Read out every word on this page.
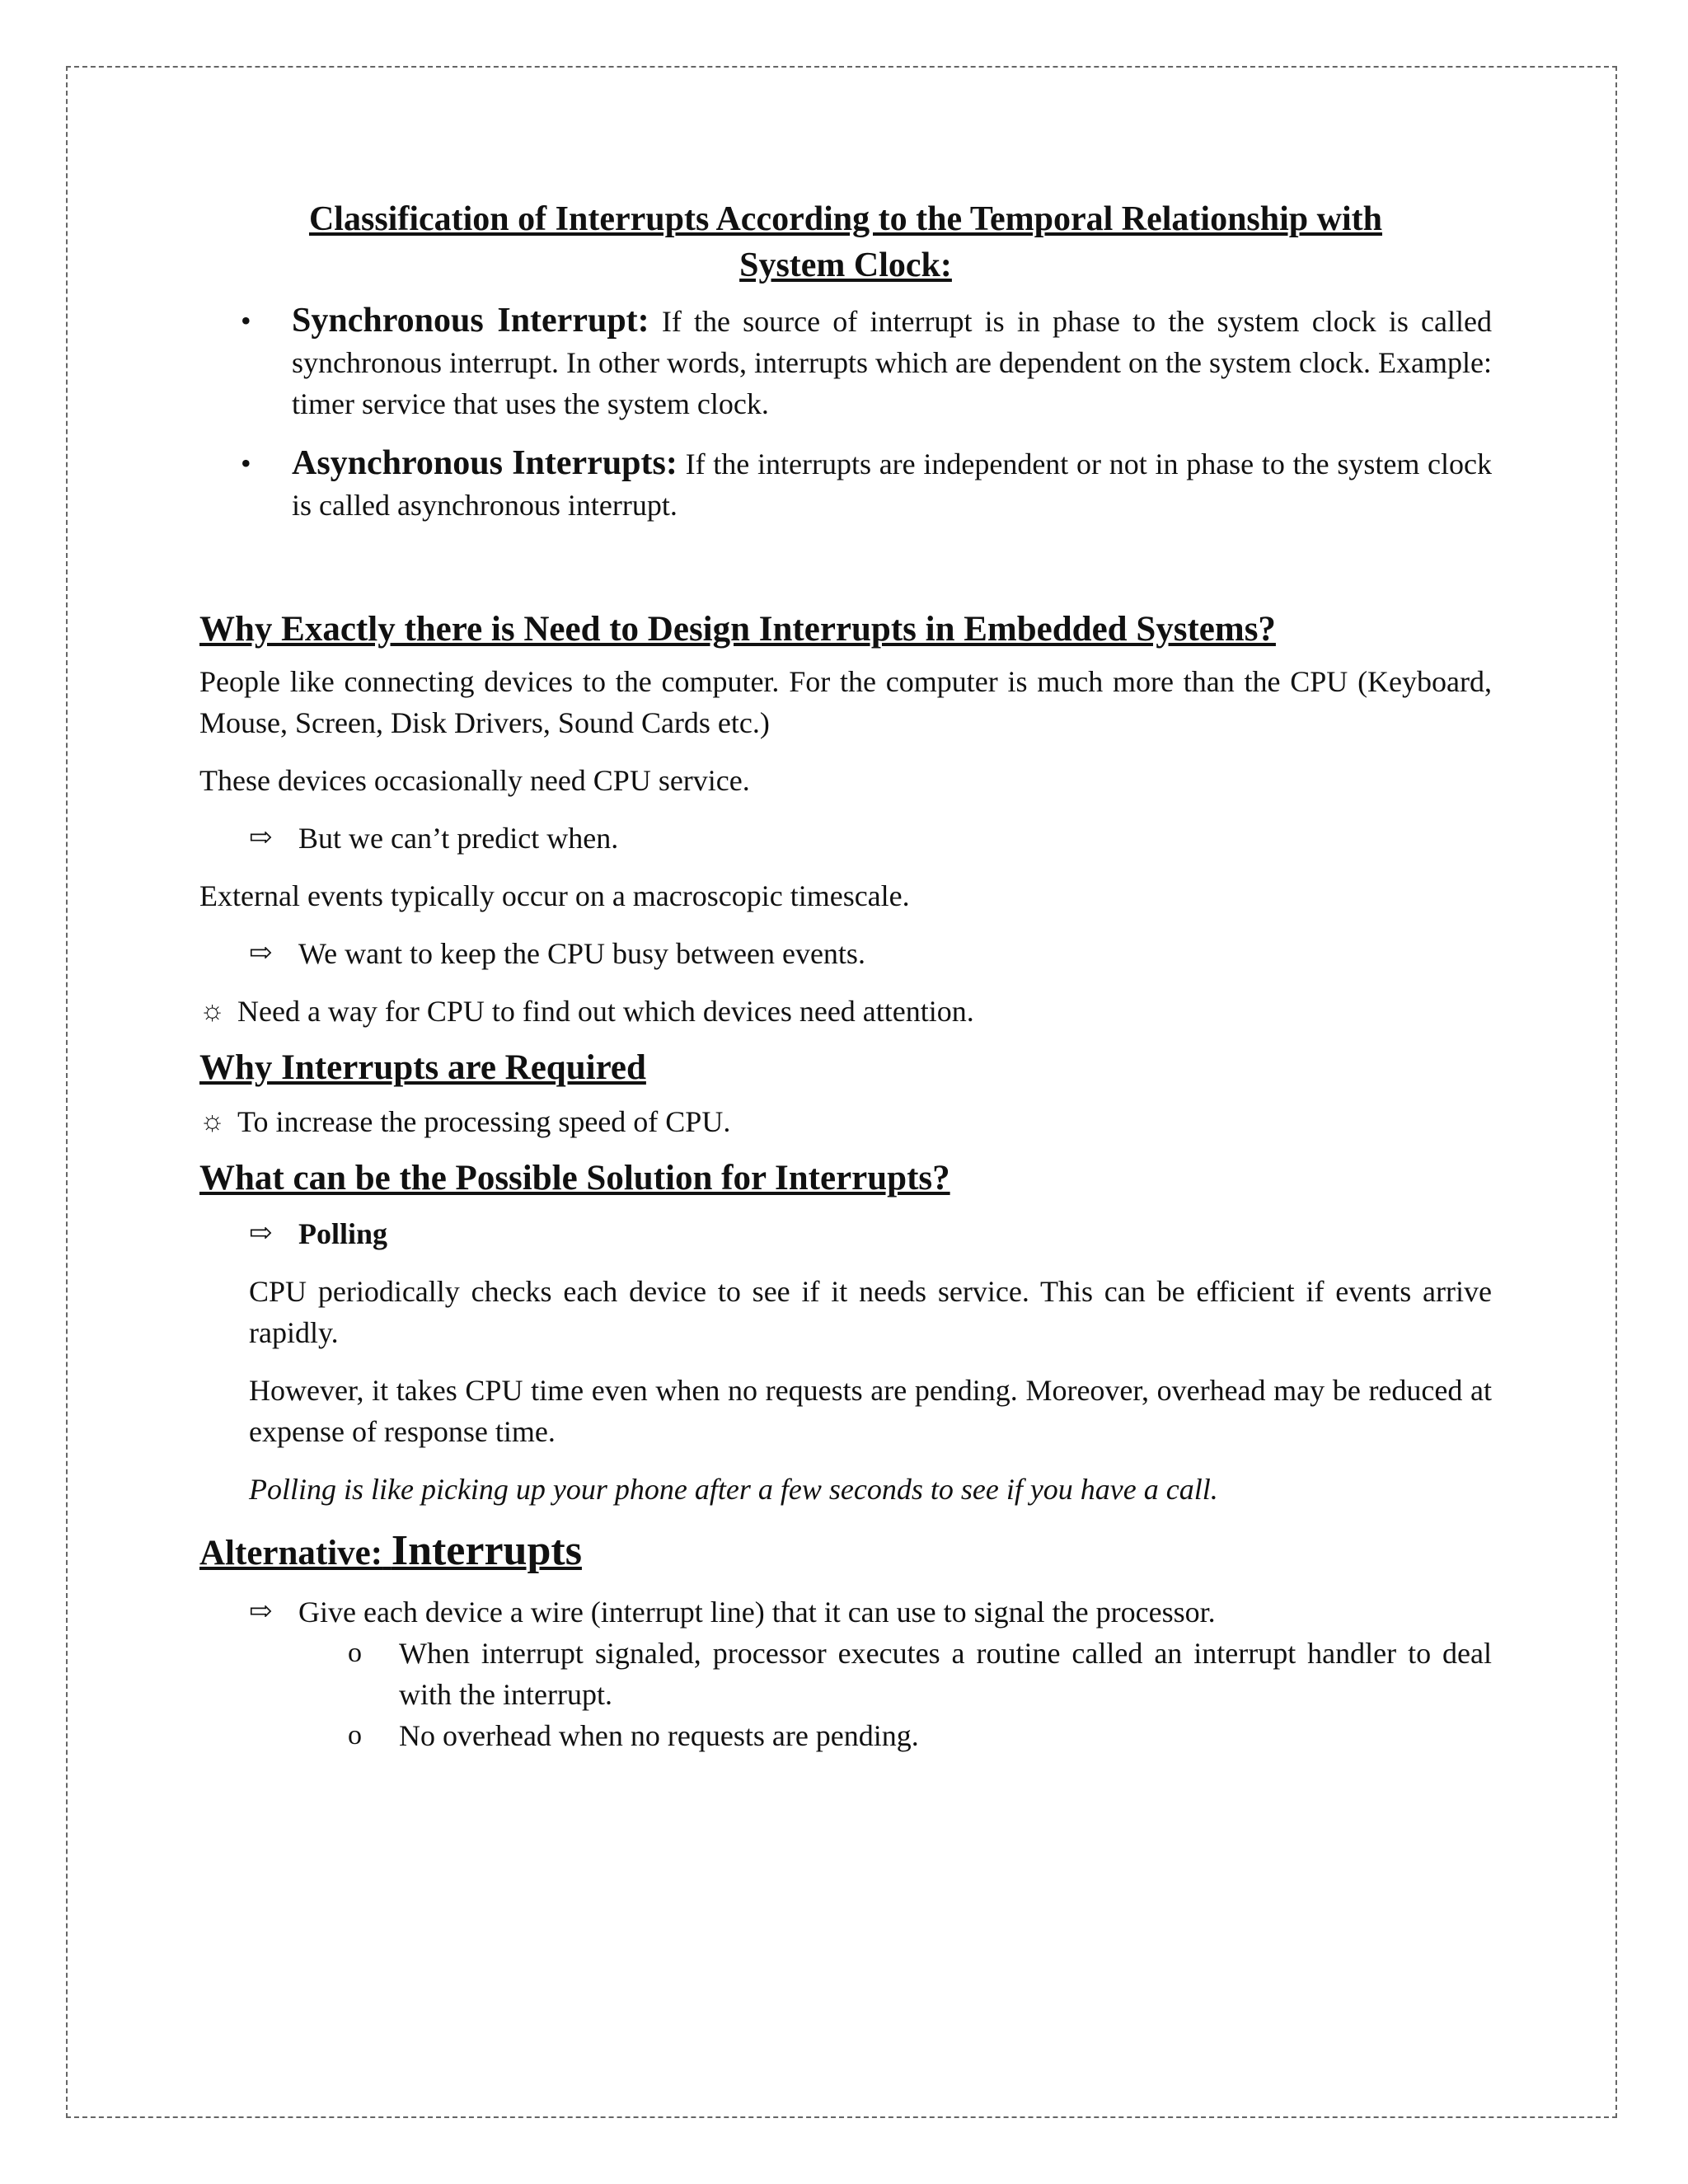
Classification of Interrupts According to the Temporal Relationship with
System Clock:
•	Synchronous Interrupt: If the source of interrupt is in phase to the system clock is called synchronous interrupt. In other words, interrupts which are dependent on the system clock. Example: timer service that uses the system clock.

•	Asynchronous Interrupts: If the interrupts are independent or not in phase to the system clock is called asynchronous interrupt.

Why Exactly there is Need to Design Interrupts in Embedded Systems?

People like connecting devices to the computer. For the computer is much more than the CPU (Keyboard, Mouse, Screen, Disk Drivers, Sound Cards etc.)

These devices occasionally need CPU service.

⇨ But we can’t predict when.

External events typically occur on a macroscopic timescale.

⇨ We want to keep the CPU busy between events.

☼ Need a way for CPU to find out which devices need attention.

Why Interrupts are Required
☼ To increase the processing speed of CPU.

What can be the Possible Solution for Interrupts?
⇨ Polling

CPU periodically checks each device to see if it needs service. This can be efficient if events arrive rapidly.

However, it takes CPU time even when no requests are pending. Moreover, overhead may be reduced at expense of response time.

Polling is like picking up your phone after a few seconds to see if you have a call.

Alternative: Interrupts
⇨ Give each device a wire (interrupt line) that it can use to signal the processor.

o	When interrupt signaled, processor executes a routine called an interrupt handler to deal with the interrupt.

o	No overhead when no requests are pending.
